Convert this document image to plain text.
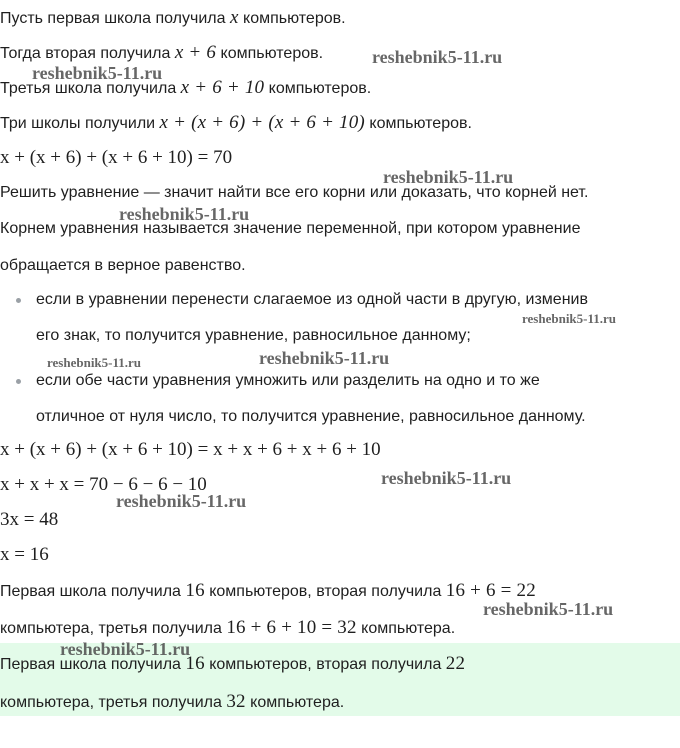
Пусть первая школа получила x компьютеров.
Тогда вторая получила x + 6 компьютеров.
Третья школа получила x + 6 + 10 компьютеров.
Три школы получили x + (x + 6) + (x + 6 + 10) компьютеров.
x + (x + 6) + (x + 6 + 10) = 70
Решить уравнение — значит найти все его корни или доказать, что корней нет.
Корнем уравнения называется значение переменной, при котором уравнение
обращается в верное равенство.
если в уравнении перенести слагаемое из одной части в другую, изменив
его знак, то получится уравнение, равносильное данному;
если обе части уравнения умножить или разделить на одно и то же
отличное от нуля число, то получится уравнение, равносильное данному.
x + (x + 6) + (x + 6 + 10) = x + x + 6 + x + 6 + 10
x + x + x = 70 − 6 − 6 − 10
3x = 48
x = 16
Первая школа получила 16 компьютеров, вторая получила 16 + 6 = 22
компьютера, третья получила 16 + 6 + 10 = 32 компьютера.
Первая школа получила 16 компьютеров, вторая получила 22
компьютера, третья получила 32 компьютера.
reshebnik5-11.ru
reshebnik5-11.ru
reshebnik5-11.ru
reshebnik5-11.ru
reshebnik5-11.ru
reshebnik5-11.ru	reshebnik5-11.ru
reshebnik5-11.ru
reshebnik5-11.ru
reshebnik5-11.ru
reshebnik5-11.ru
